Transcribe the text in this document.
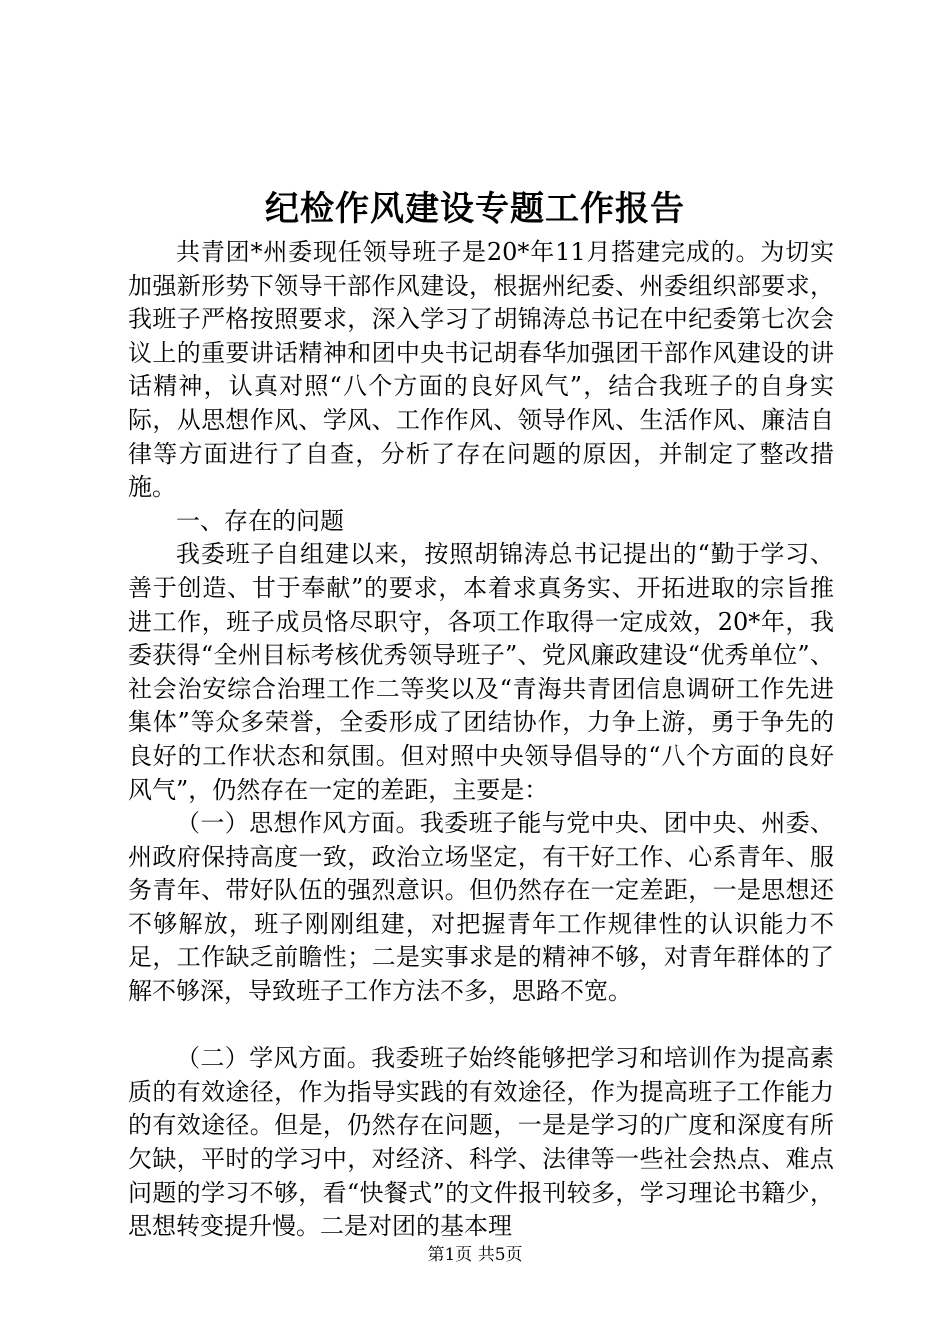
纪检作风建设专题工作报告

共青团*州委现任领导班子是20*年11月搭建完成的。为切实加强新形势下领导干部作风建设，根据州纪委、州委组织部要求，我班子严格按照要求，深入学习了胡锦涛总书记在中纪委第七次会议上的重要讲话精神和团中央书记胡春华加强团干部作风建设的讲话精神，认真对照“八个方面的良好风气”，结合我班子的自身实际，从思想作风、学风、工作作风、领导作风、生活作风、廉洁自律等方面进行了自查，分析了存在问题的原因，并制定了整改措施。

一、存在的问题

我委班子自组建以来，按照胡锦涛总书记提出的“勤于学习、善于创造、甘于奉献”的要求，本着求真务实、开拓进取的宗旨推进工作，班子成员恪尽职守，各项工作取得一定成效，20*年，我委获得“全州目标考核优秀领导班子”、党风廉政建设“优秀单位”、社会治安综合治理工作二等奖以及“青海共青团信息调研工作先进集体”等众多荣誉，全委形成了团结协作，力争上游，勇于争先的良好的工作状态和氛围。但对照中央领导倡导的“八个方面的良好风气”，仍然存在一定的差距，主要是：

（一）思想作风方面。我委班子能与党中央、团中央、州委、州政府保持高度一致，政治立场坚定，有干好工作、心系青年、服务青年、带好队伍的强烈意识。但仍然存在一定差距，一是思想还不够解放，班子刚刚组建，对把握青年工作规律性的认识能力不足，工作缺乏前瞻性；二是实事求是的精神不够，对青年群体的了解不够深，导致班子工作方法不多，思路不宽。

（二）学风方面。我委班子始终能够把学习和培训作为提高素质的有效途径，作为指导实践的有效途径，作为提高班子工作能力的有效途径。但是，仍然存在问题，一是是学习的广度和深度有所欠缺，平时的学习中，对经济、科学、法律等一些社会热点、难点问题的学习不够，看“快餐式”的文件报刊较多，学习理论书籍少，思想转变提升慢。二是对团的基本理

第1页 共5页
